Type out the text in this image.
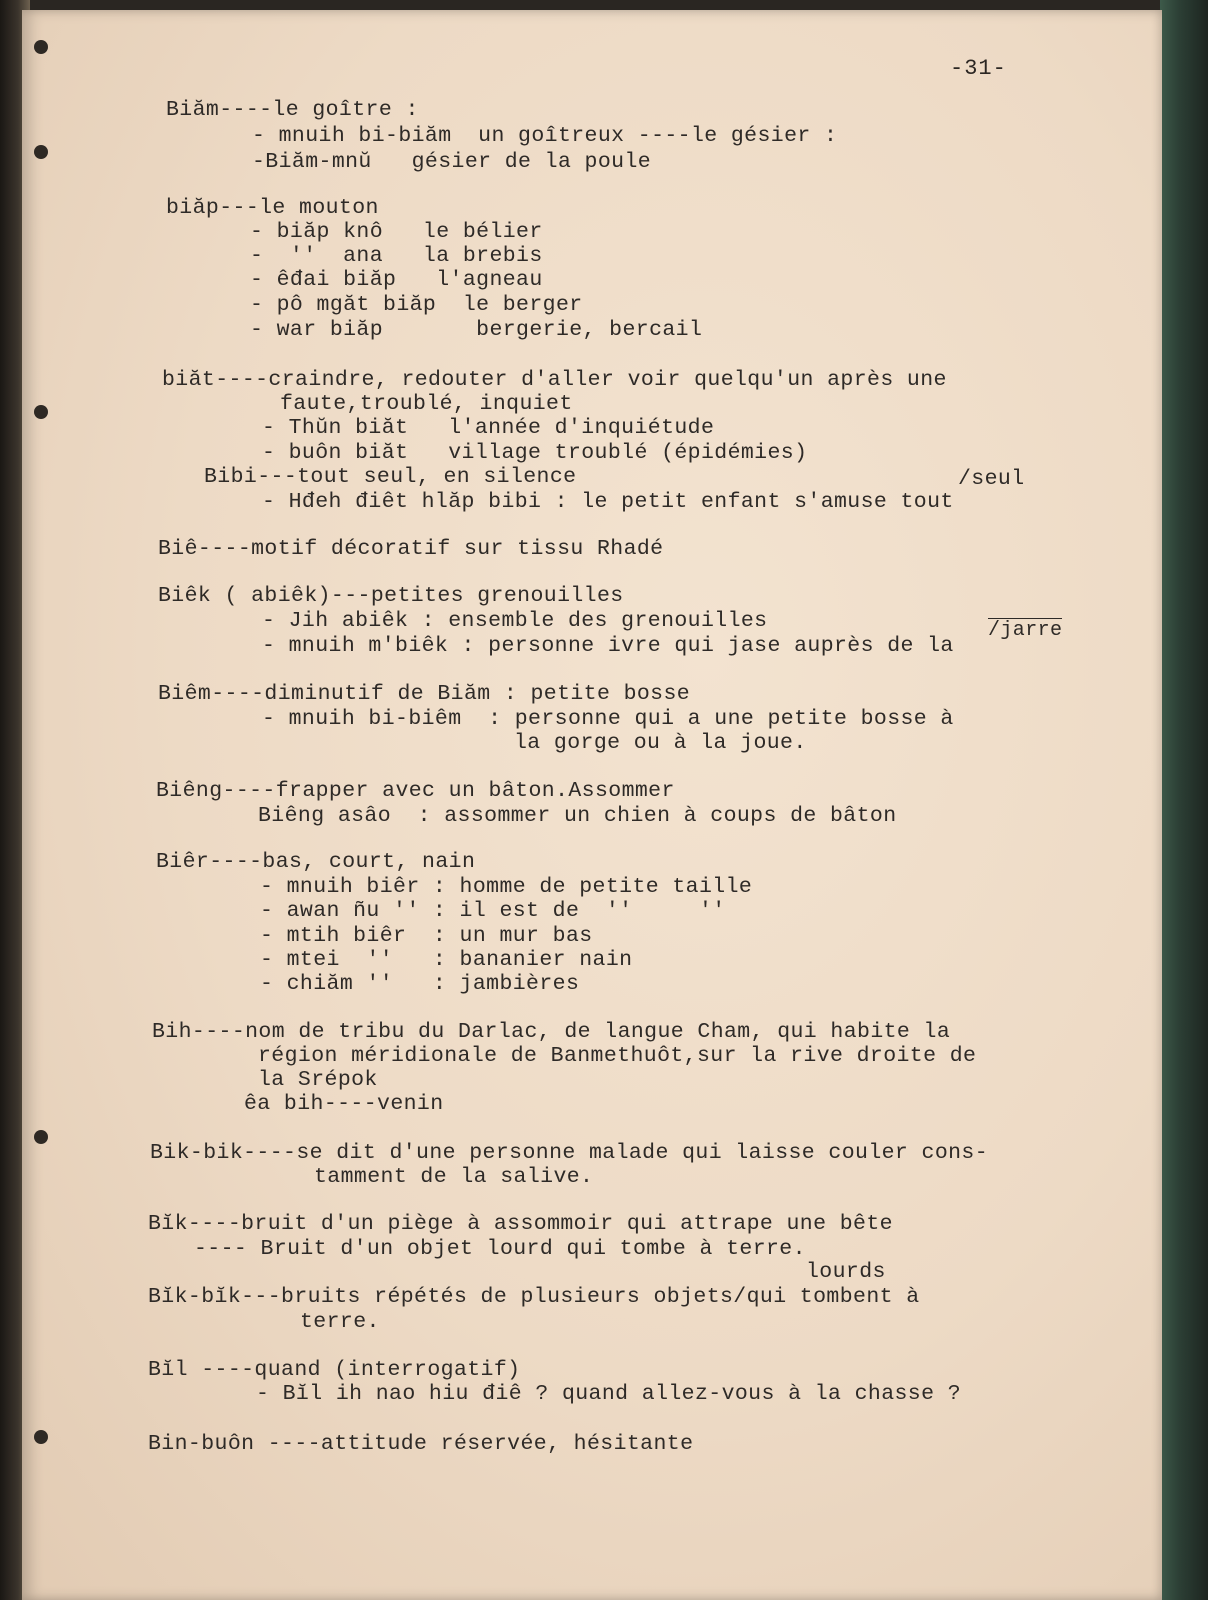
-31-
Biăm----le goître :
- mnuih bi-biăm  un goîtreux ----le gésier :
-Biăm-mnŭ   gésier de la poule
biăp---le mouton
- biăp knô   le bélier
-  ''  ana   la brebis
- êđai biăp   l'agneau
- pô mgăt biăp  le berger
- war biăp       bergerie, bercail
biăt----craindre, redouter d'aller voir quelqu'un après une
faute,troublé, inquiet
- Thŭn biăt   l'année d'inquiétude
- buôn biăt   village troublé (épidémies)
Bibi---tout seul, en silence	/seul
- Hđeh điêt hlăp bibi : le petit enfant s'amuse tout
Biê----motif décoratif sur tissu Rhadé
Biêk ( abiêk)---petites grenouilles
- Jih abiêk : ensemble des grenouilles	/jarre
- mnuih m'biêk : personne ivre qui jase auprès de la
Biêm----diminutif de Biăm : petite bosse
- mnuih bi-biêm  : personne qui a une petite bosse à
la gorge ou à la joue.
Biêng----frapper avec un bâton.Assommer
Biêng asâo  : assommer un chien à coups de bâton
Biêr----bas, court, nain
- mnuih biêr : homme de petite taille
- awan ñu '' : il est de  ''     ''
- mtih biêr  : un mur bas
- mtei  ''   : bananier nain
- chiăm ''   : jambières
Bih----nom de tribu du Darlac, de langue Cham, qui habite la
région méridionale de Banmethuôt,sur la rive droite de
la Srépok
êa bih----venin
Bik-bik----se dit d'une personne malade qui laisse couler cons-
tamment de la salive.
Bĭk----bruit d'un piège à assommoir qui attrape une bête
---- Bruit d'un objet lourd qui tombe à terre.
lourds
Bĭk-bĭk---bruits répétés de plusieurs objets/qui tombent à
terre.
Bĭl ----quand (interrogatif)
- Bĭl ih nao hiu điê ? quand allez-vous à la chasse ?
Bin-buôn ----attitude réservée, hésitante
